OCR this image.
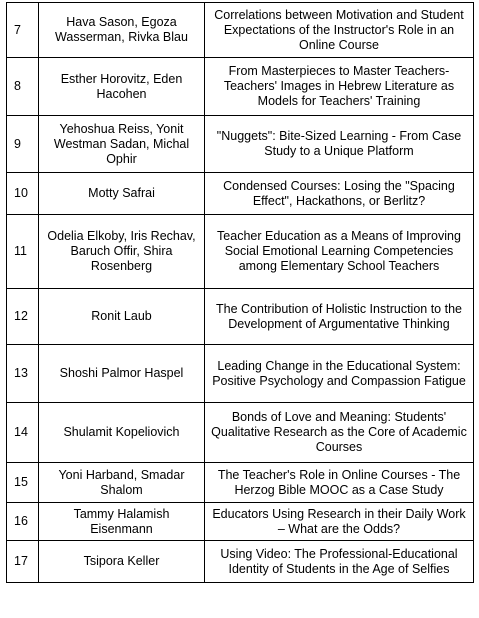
7	Hava Sason, Egoza Wasserman, Rivka Blau	Correlations between Motivation and Student Expectations of the Instructor's Role in an Online Course
8	Esther Horovitz, Eden Hacohen	From Masterpieces to Master Teachers- Teachers' Images in Hebrew Literature as Models for Teachers' Training
9	Yehoshua Reiss, Yonit Westman Sadan, Michal Ophir	"Nuggets": Bite-Sized Learning - From Case Study to a Unique Platform
10	Motty Safrai	Condensed Courses: Losing the "Spacing Effect", Hackathons, or Berlitz?
11	Odelia Elkoby, Iris Rechav, Baruch Offir, Shira Rosenberg	Teacher Education as a Means of Improving Social Emotional Learning Competencies among Elementary School Teachers
12	Ronit Laub	The Contribution of Holistic Instruction to the Development of Argumentative Thinking
13	Shoshi Palmor Haspel	Leading Change in the Educational System: Positive Psychology and Compassion Fatigue
14	Shulamit Kopeliovich	Bonds of Love and Meaning: Students' Qualitative Research as the Core of Academic Courses
15	Yoni Harband, Smadar Shalom	The Teacher's Role in Online Courses - The Herzog Bible MOOC as a Case Study
16	Tammy Halamish Eisenmann	Educators Using Research in their Daily Work – What are the Odds?
17	Tsipora Keller	Using Video: The Professional-Educational Identity of Students in the Age of Selfies
